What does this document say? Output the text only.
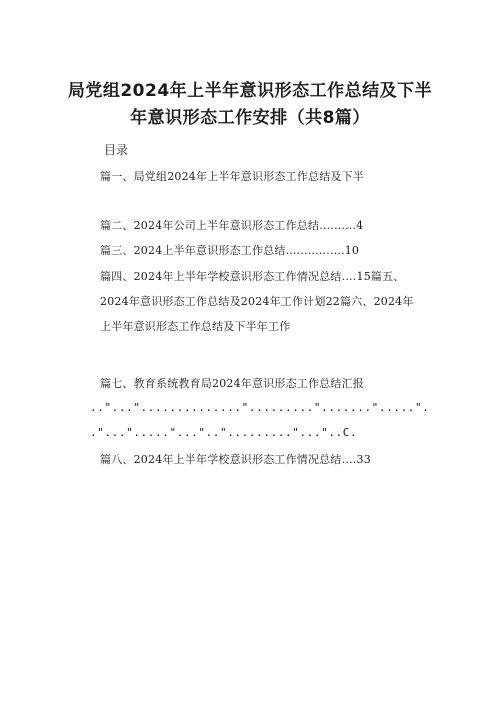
局党组2024年上半年意识形态工作总结及下半
年意识形态工作安排（共8篇）
目录
篇一、局党组2024年上半年意识形态工作总结及下半
篇二、2024年公司上半年意识形态工作总结..........4
篇三、2024上半年意识形态工作总结................10
篇四、2024年上半年学校意识形态工作情况总结….15篇五、
2024年意识形态工作总结及2024年工作计划22篇六、2024年
上半年意识形态工作总结及下半年工作
篇七、教育系统教育局2024年意识形态工作总结汇报
.."..."..............".........".......".....".
."..."....."...".."........."..."..C.
篇八、2024年上半年学校意识形态工作情况总结….33
